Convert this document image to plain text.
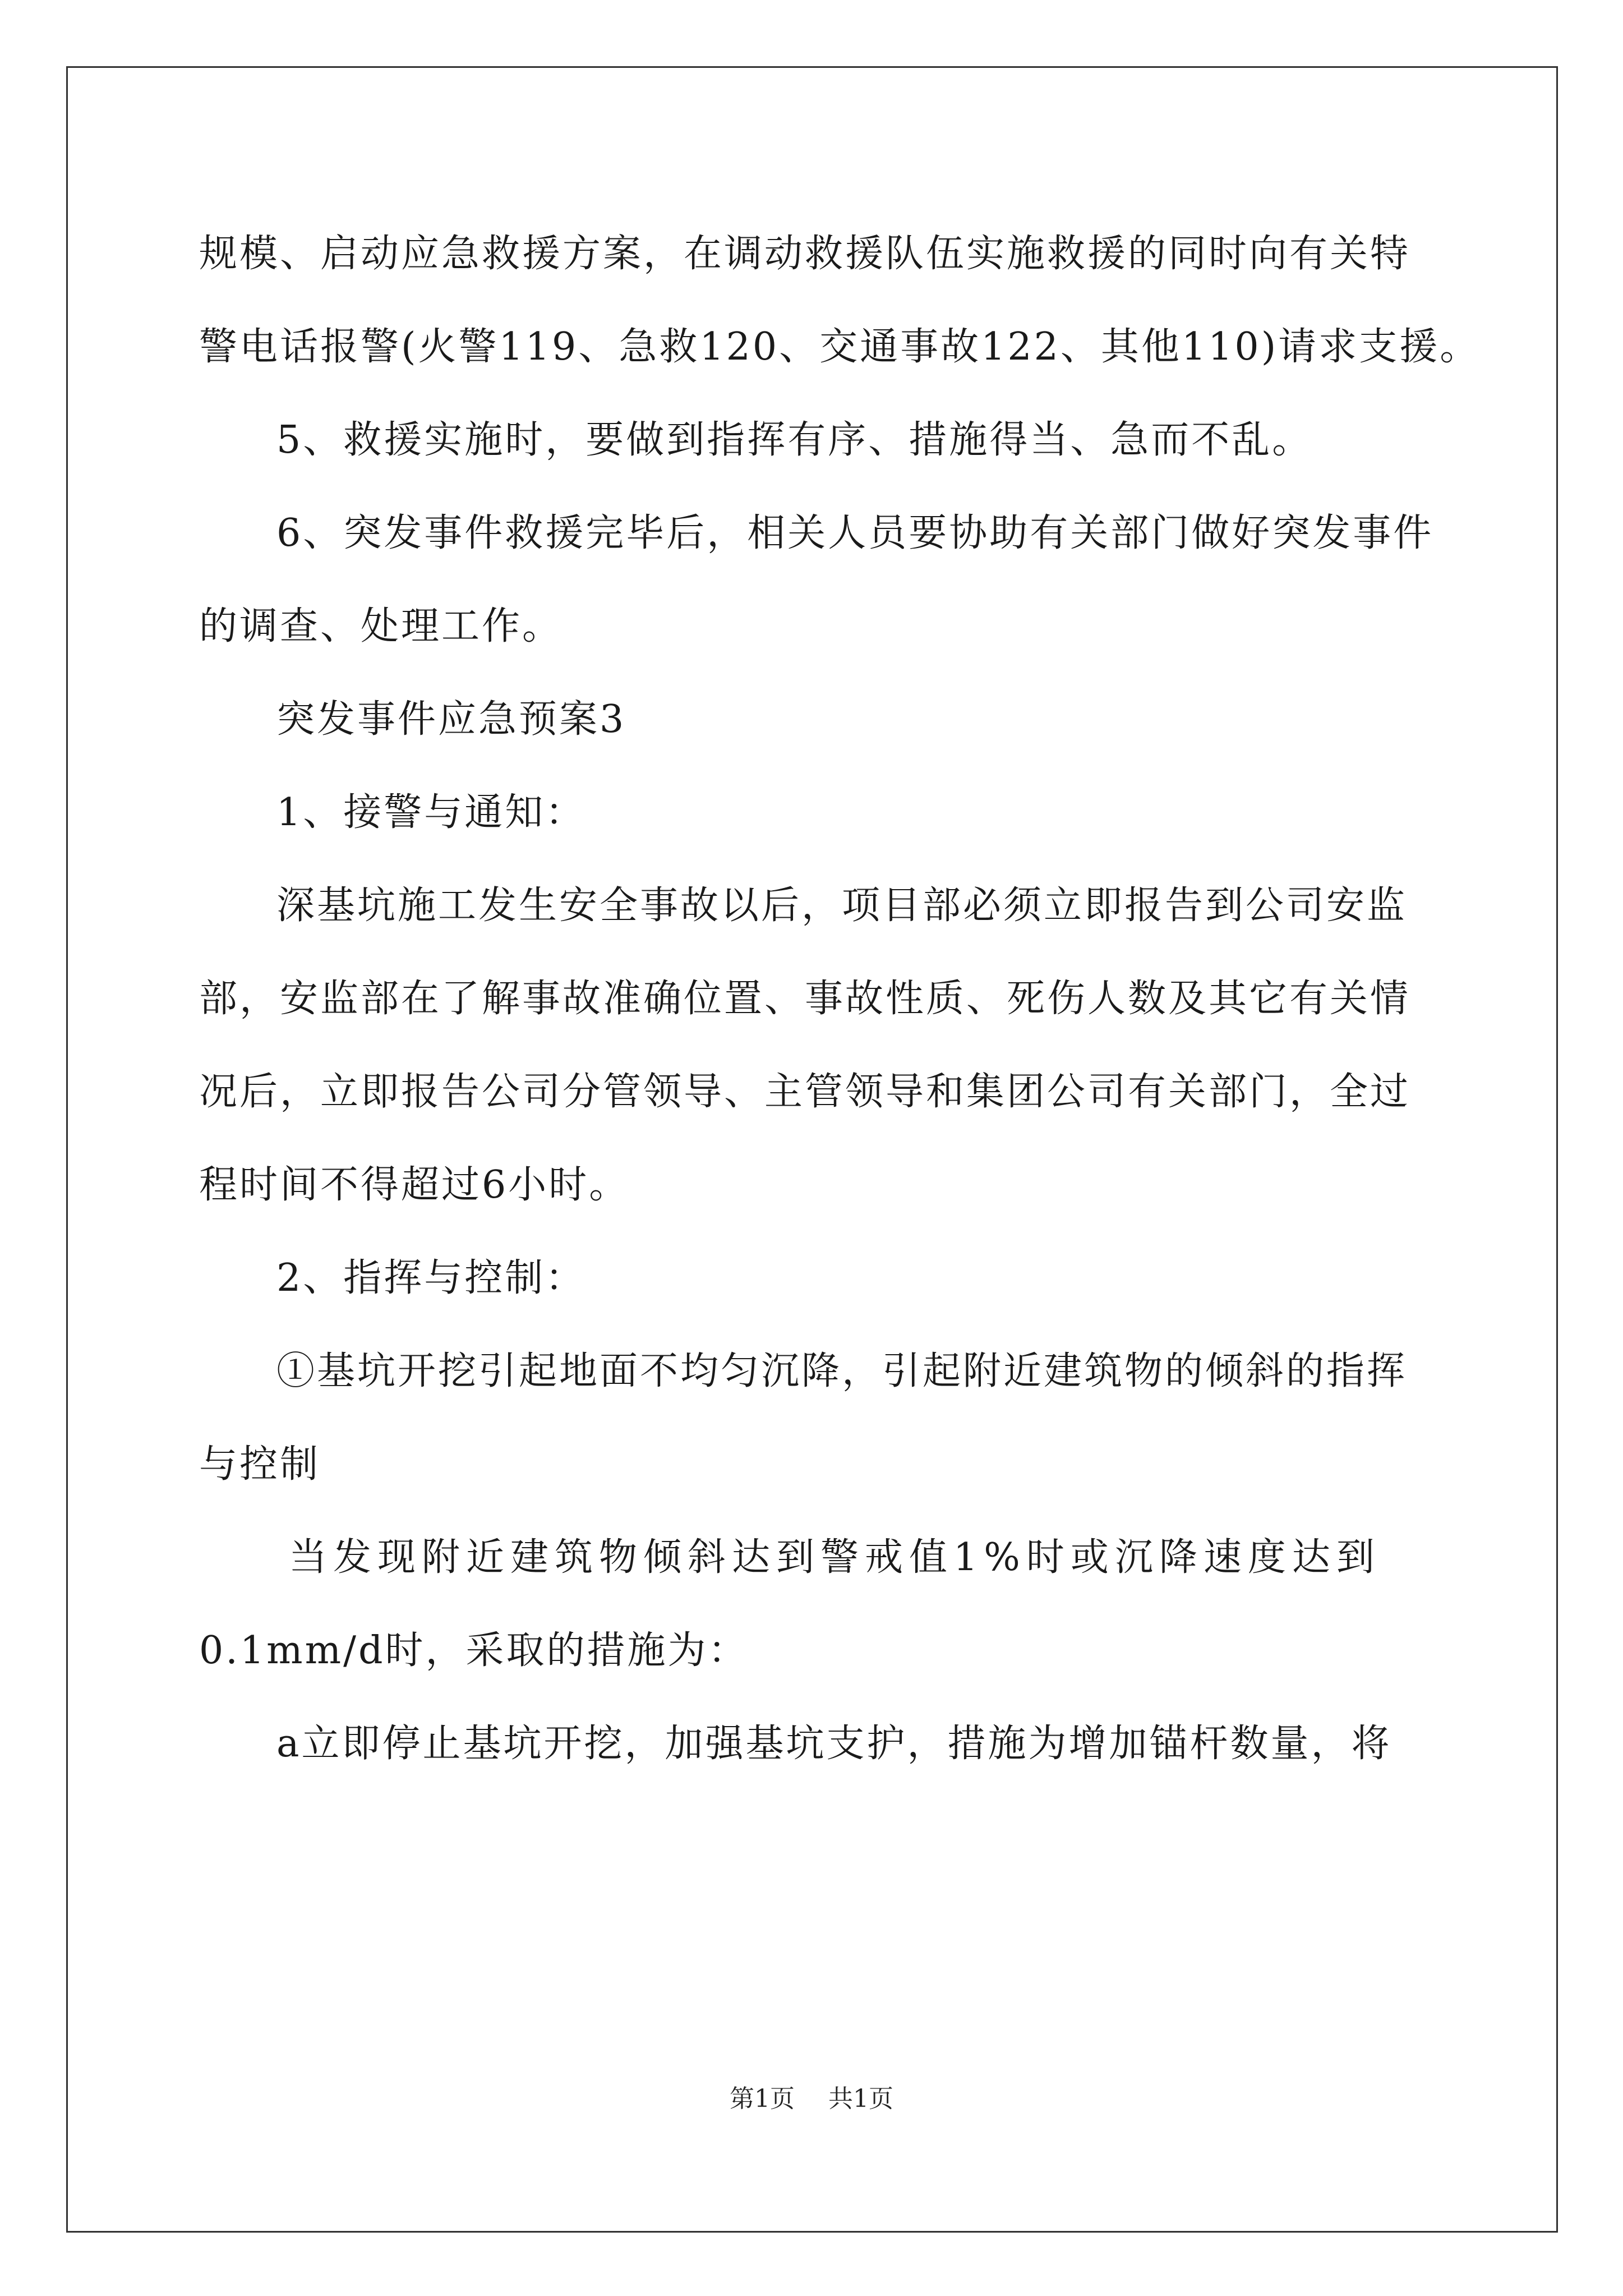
规模、启动应急救援方案，在调动救援队伍实施救援的同时向有关特
警电话报警(火警119、急救120、交通事故122、其他110)请求支援。
5、救援实施时，要做到指挥有序、措施得当、急而不乱。
6、突发事件救援完毕后，相关人员要协助有关部门做好突发事件
的调查、处理工作。
突发事件应急预案3
1、接警与通知：
深基坑施工发生安全事故以后，项目部必须立即报告到公司安监
部，安监部在了解事故准确位置、事故性质、死伤人数及其它有关情
况后，立即报告公司分管领导、主管领导和集团公司有关部门，全过
程时间不得超过6小时。
2、指挥与控制：
①基坑开挖引起地面不均匀沉降，引起附近建筑物的倾斜的指挥
与控制
当发现附近建筑物倾斜达到警戒值1%时或沉降速度达到
0.1mm/d时，采取的措施为：
a立即停止基坑开挖，加强基坑支护，措施为增加锚杆数量，将
第1页 共1页
